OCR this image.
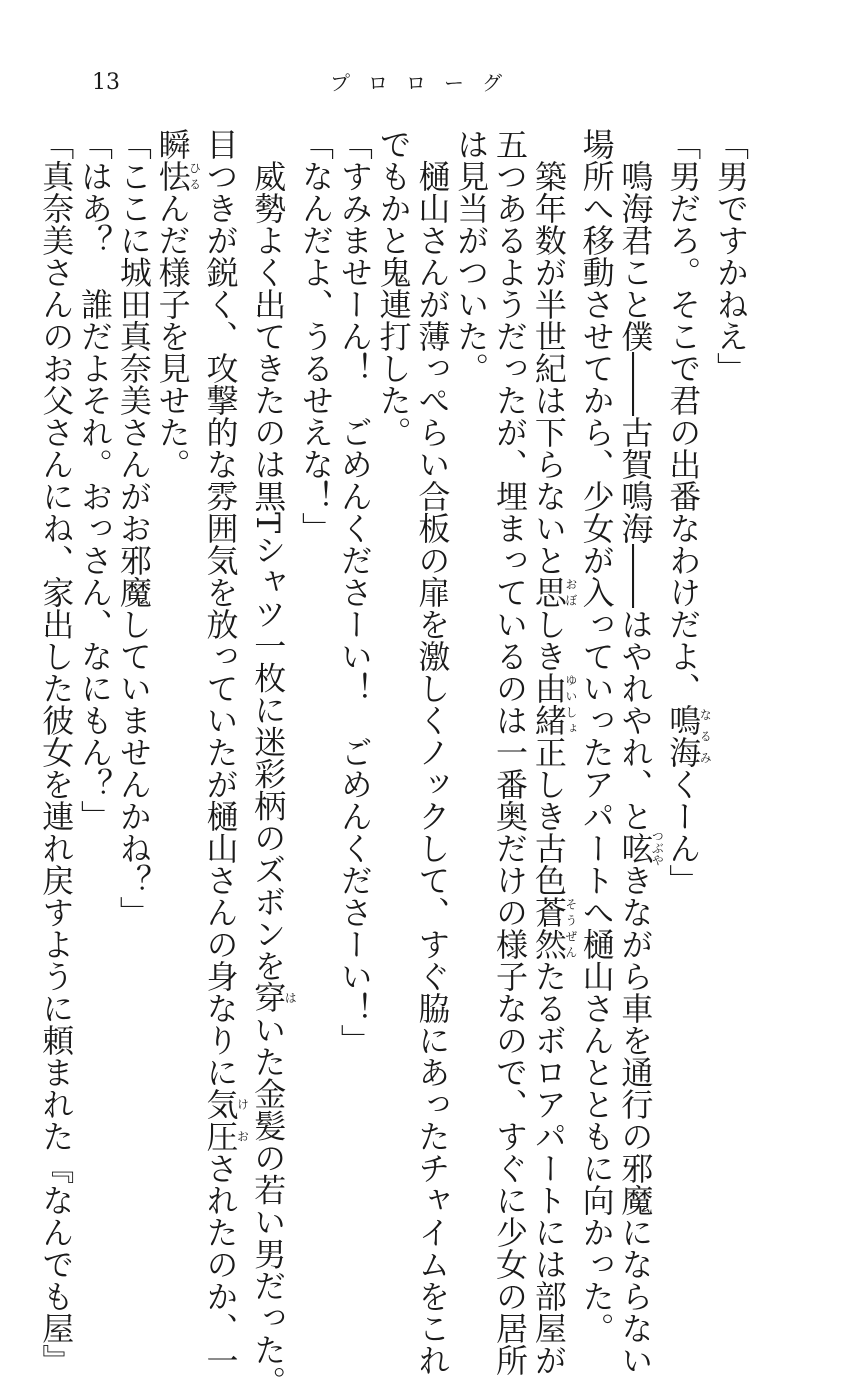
13	プロローグ
「男ですかねえ」
「男だろ。そこで君の出番なわけだよ、鳴海なるみくーん」
　鳴海君こと僕――古賀鳴海――はやれやれ、と呟つぶやきながら車を通行の邪魔にならない
場所へ移動させてから、少女が入っていったアパートへ樋山さんとともに向かった。
　築年数が半世紀は下らないと思おぼしき由緒ゆいしょ正しき古色蒼然そうぜんたるボロアパートには部屋が
五つあるようだったが、埋まっているのは一番奥だけの様子なので、すぐに少女の居所
は見当がついた。
　樋山さんが薄っぺらい合板の扉を激しくノックして、すぐ脇にあったチャイムをこれ
でもかと鬼連打した。
「すみませーん！　ごめんくださーい！　ごめんくださーい！」
「なんだよ、うるせえな！」
　威勢よく出てきたのは黒Tシャツ一枚に迷彩柄のズボンを穿はいた金髪の若い男だった。
目つきが鋭く、攻撃的な雰囲気を放っていたが樋山さんの身なりに気圧けおされたのか、一
瞬怯ひるんだ様子を見せた。
「ここに城田真奈美さんがお邪魔していませんかね？」
「はあ？　誰だよそれ。おっさん、なにもん？」
「真奈美さんのお父さんにね、家出した彼女を連れ戻すように頼まれた『なんでも屋』
